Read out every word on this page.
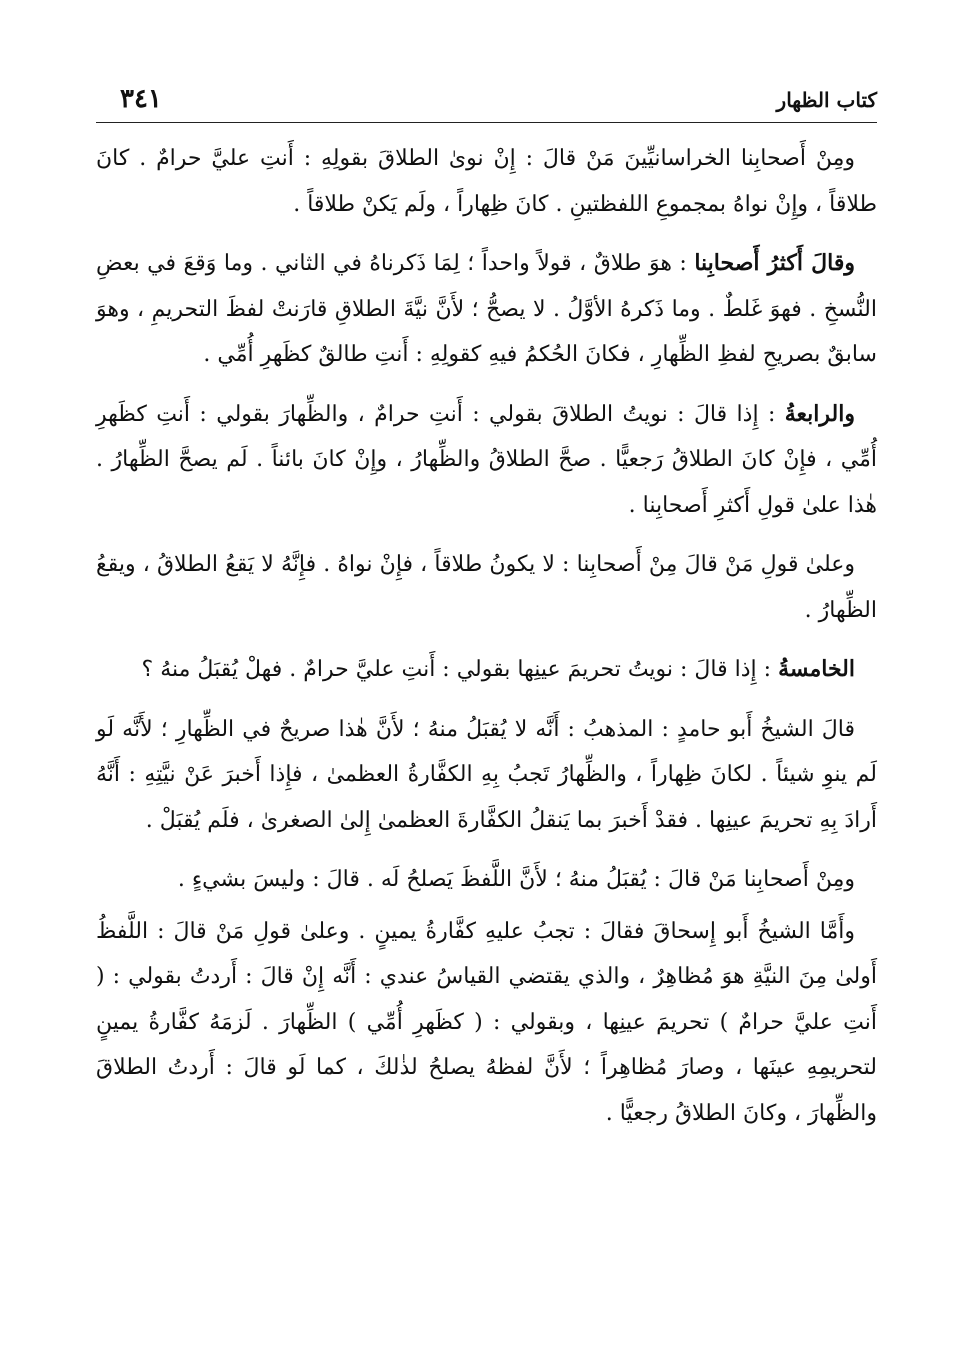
٣٤١	كتاب الظهار

ومِنْ أَصحابِنا الخراسانيِّينَ مَنْ قالَ : إِنْ نوىٰ الطلاقَ بقولِهِ : أَنتِ عليَّ حرامٌ . كانَ طلاقاً ، وإِنْ نواهُ بمجموعِ اللفظتينِ . كانَ ظِهاراً ، ولَم يَكنْ طلاقاً .

وقالَ أَكثرُ أَصحابِنا : هوَ طلاقٌ ، قولاً واحداً ؛ لِمَا ذَكرناهُ في الثاني . وما وَقعَ في بعضِ النُّسخِ . فهوَ غَلطٌ . وما ذَكرهُ الأوَّلُ . لا يصحُّ ؛ لأَنَّ نيَّةَ الطلاقِ قارَنتْ لفظَ التحريمِ ، وهوَ سابقٌ بصريحِ لفظِ الظِّهارِ ، فكانَ الحُكمُ فيهِ كقولِهِ : أَنتِ طالقٌ كظَهرِ أُمِّي .

والرابعةُ : إِذا قالَ : نويتُ الطلاقَ بقولي : أَنتِ حرامٌ ، والظِّهارَ بقولي : أَنتِ كظَهرِ أُمِّي ، فإِنْ كانَ الطلاقُ رَجعيًّا . صحَّ الطلاقُ والظِّهارُ ، وإِنْ كانَ بائناً . لَم يصحَّ الظِّهارُ . هٰذا علىٰ قولِ أَكثرِ أَصحابِنا .

وعلىٰ قولِ مَنْ قالَ مِنْ أَصحابِنا : لا يكونُ طلاقاً ، فإِنْ نواهُ . فإِنَّهُ لا يَقعُ الطلاقُ ، ويقعُ الظِّهارُ .

الخامسةُ : إِذا قالَ : نويتُ تحريمَ عينِها بقولي : أَنتِ عليَّ حرامٌ . فهلْ يُقبَلُ منهُ ؟

قالَ الشيخُ أَبو حامدٍ : المذهبُ : أَنَّه لا يُقبَلُ منهُ ؛ لأَنَّ هٰذا صريحٌ في الظِّهارِ ؛ لأَنَّه لَو لَم ينوِ شيئاً . لكانَ ظِهاراً ، والظِّهارُ تَجبُ بِهِ الكفَّارةُ العظمىٰ ، فإِذا أَخبرَ عَنْ نيَّتِهِ : أَنَّهُ أَرادَ بِهِ تحريمَ عينِها . فقدْ أَخبرَ بما يَنقلُ الكفَّارةَ العظمىٰ إِلىٰ الصغرىٰ ، فلَم يُقبَلْ .

ومِنْ أَصحابِنا مَنْ قالَ : يُقبَلُ منهُ ؛ لأَنَّ اللَّفظَ يَصلحُ لَه . قالَ : وليسَ بشيءٍ .

وأَمَّا الشيخُ أَبو إِسحاقَ فقالَ : تجبُ عليهِ كفَّارةُ يمينٍ . وعلىٰ قولِ مَنْ قالَ : اللَّفظُ أَولىٰ مِنَ النيَّةِ هوَ مُظاهِرٌ ، والذي يقتضي القياسُ عندي : أَنَّه إِنْ قالَ : أَردتُ بقولي : ( أَنتِ عليَّ حرامٌ ) تحريمَ عينِها ، وبقولي : ( كظَهرِ أُمِّي ) الظِّهارَ . لَزمَهُ كفَّارةُ يمينٍ لتحريمِهِ عينَها ، وصارَ مُظاهِراً ؛ لأَنَّ لفظهُ يصلحُ لذٰلكَ ، كما لَو قالَ : أَردتُ الطلاقَ والظِّهارَ ، وكانَ الطلاقُ رجعيًّا .
